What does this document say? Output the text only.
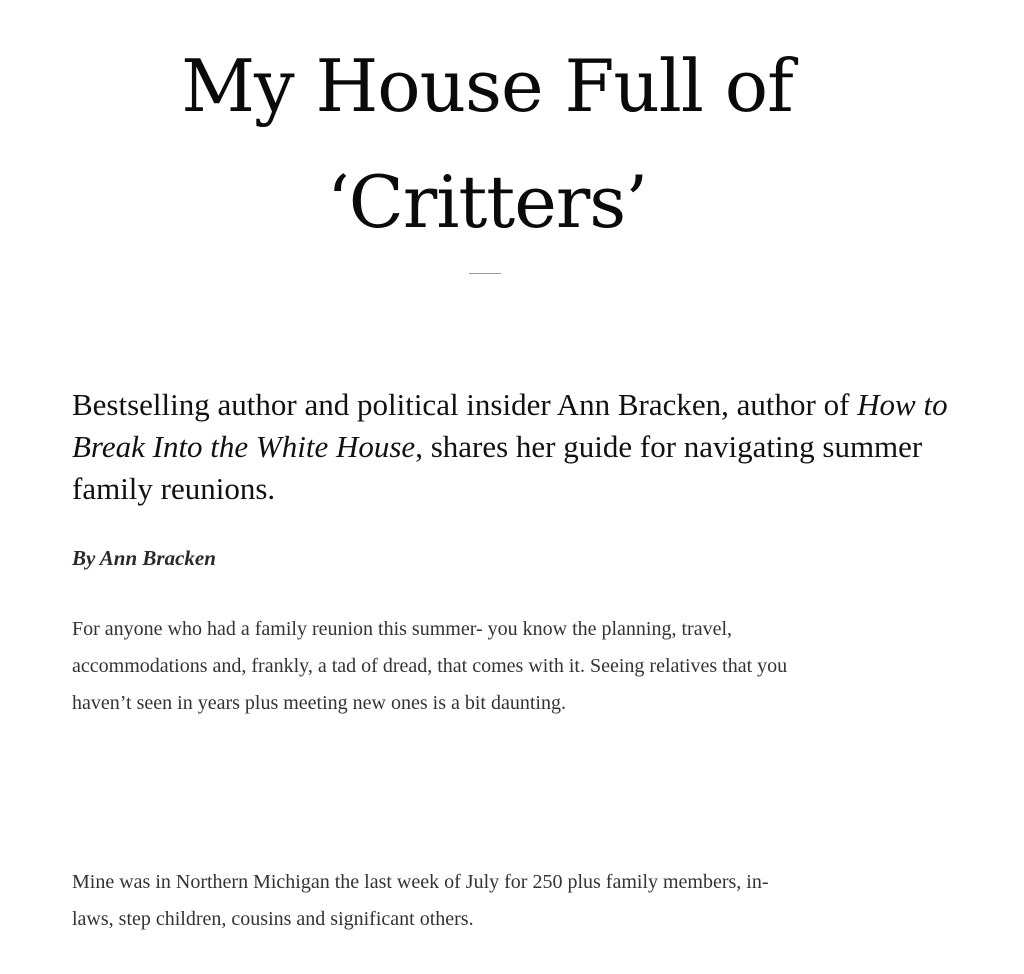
My House Full of
‘Critters’

Bestselling author and political insider Ann Bracken, author of How to Break Into the White House, shares her guide for navigating summer family reunions.

By Ann Bracken

For anyone who had a family reunion this summer- you know the planning, travel,
accommodations and, frankly, a tad of dread, that comes with it. Seeing relatives that you
haven’t seen in years plus meeting new ones is a bit daunting.

Mine was in Northern Michigan the last week of July for 250 plus family members, in-
laws, step children, cousins and significant others.
